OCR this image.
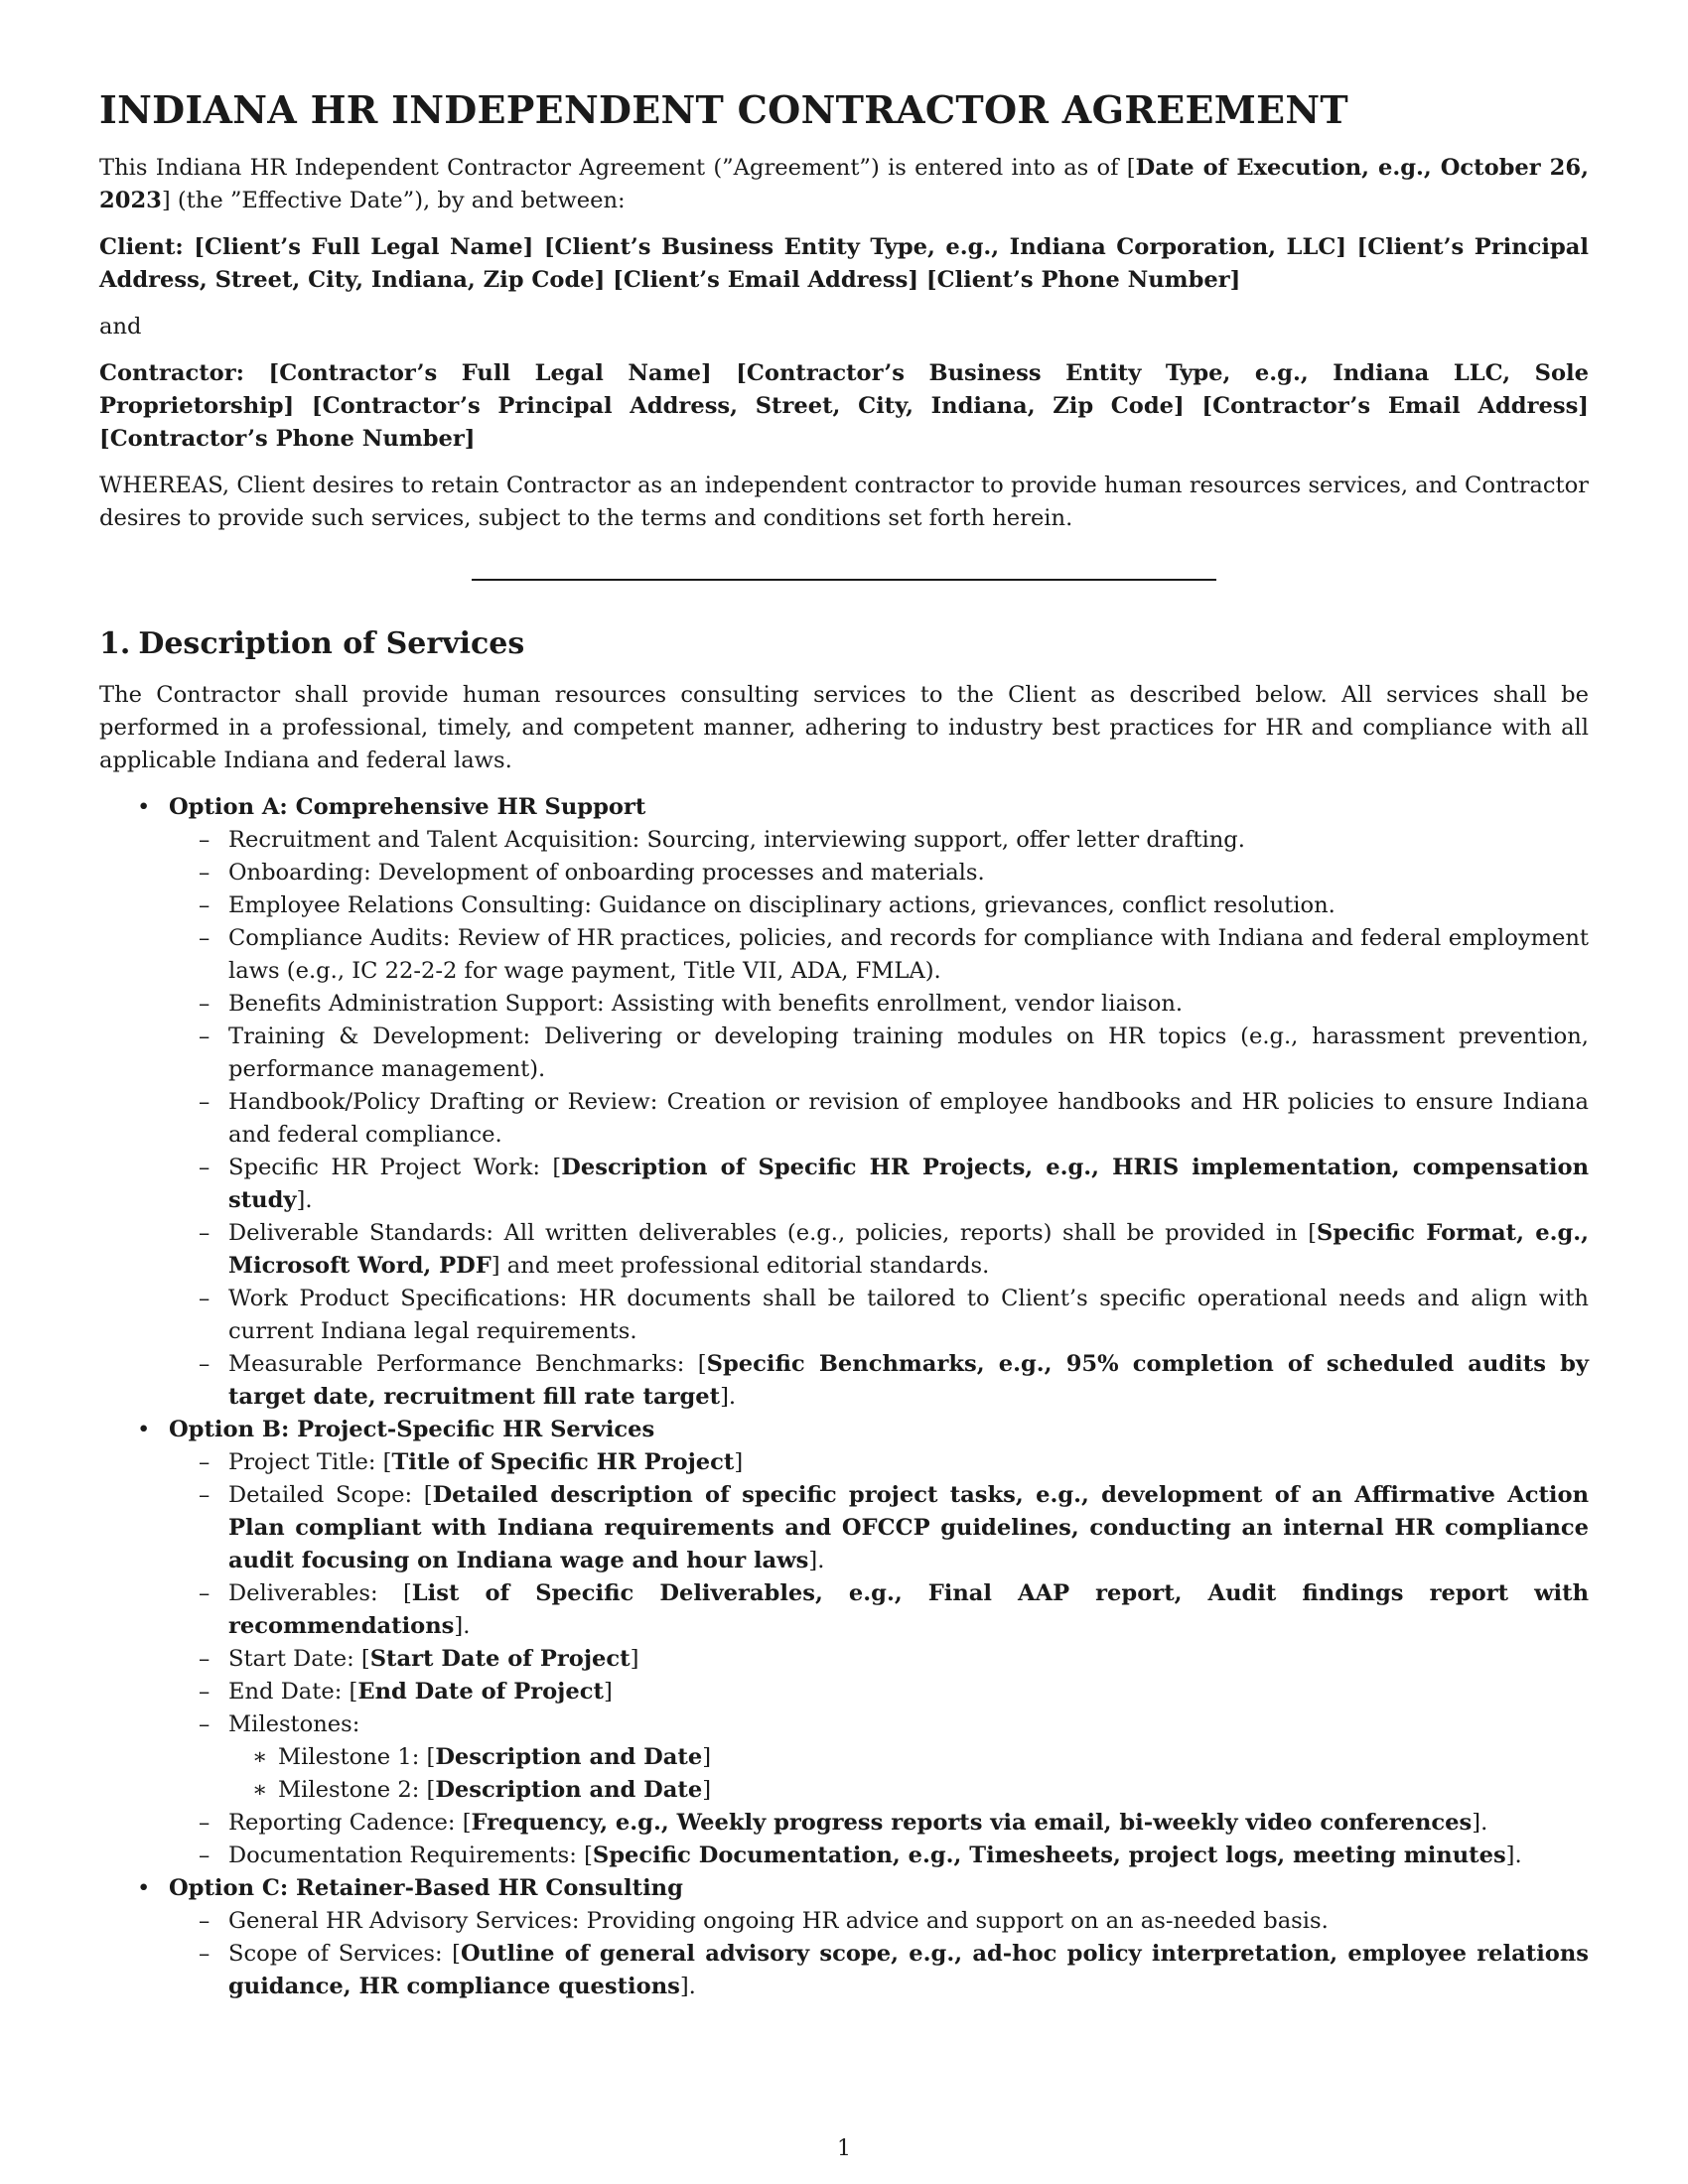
INDIANA HR INDEPENDENT CONTRACTOR AGREEMENT

This Indiana HR Independent Contractor Agreement (”Agreement”) is entered into as of [Date of Execution, e.g., October 26, 2023] (the ”Effective Date”), by and between:

Client: [Client’s Full Legal Name] [Client’s Business Entity Type, e.g., Indiana Corporation, LLC] [Client’s Principal Address, Street, City, Indiana, Zip Code] [Client’s Email Address] [Client’s Phone Number]

and

Contractor: [Contractor’s Full Legal Name] [Contractor’s Business Entity Type, e.g., Indiana LLC, Sole Proprietorship] [Contractor’s Principal Address, Street, City, Indiana, Zip Code] [Contractor’s Email Address] [Contractor’s Phone Number]

WHEREAS, Client desires to retain Contractor as an independent contractor to provide human resources services, and Contractor desires to provide such services, subject to the terms and conditions set forth herein.

1. Description of Services

The Contractor shall provide human resources consulting services to the Client as described below. All services shall be performed in a professional, timely, and competent manner, adhering to industry best practices for HR and compliance with all applicable Indiana and federal laws.

• Option A: Comprehensive HR Support
– Recruitment and Talent Acquisition: Sourcing, interviewing support, offer letter drafting.
– Onboarding: Development of onboarding processes and materials.
– Employee Relations Consulting: Guidance on disciplinary actions, grievances, conflict resolution.
– Compliance Audits: Review of HR practices, policies, and records for compliance with Indiana and federal employment laws (e.g., IC 22-2-2 for wage payment, Title VII, ADA, FMLA).
– Benefits Administration Support: Assisting with benefits enrollment, vendor liaison.
– Training & Development: Delivering or developing training modules on HR topics (e.g., harassment prevention, performance management).
– Handbook/Policy Drafting or Review: Creation or revision of employee handbooks and HR policies to ensure Indiana and federal compliance.
– Specific HR Project Work: [Description of Specific HR Projects, e.g., HRIS implementation, compensation study].
– Deliverable Standards: All written deliverables (e.g., policies, reports) shall be provided in [Specific Format, e.g., Microsoft Word, PDF] and meet professional editorial standards.
– Work Product Specifications: HR documents shall be tailored to Client’s specific operational needs and align with current Indiana legal requirements.
– Measurable Performance Benchmarks: [Specific Benchmarks, e.g., 95% completion of scheduled audits by target date, recruitment fill rate target].
• Option B: Project-Specific HR Services
– Project Title: [Title of Specific HR Project]
– Detailed Scope: [Detailed description of specific project tasks, e.g., development of an Affirmative Action Plan compliant with Indiana requirements and OFCCP guidelines, conducting an internal HR compliance audit focusing on Indiana wage and hour laws].
– Deliverables: [List of Specific Deliverables, e.g., Final AAP report, Audit findings report with recommendations].
– Start Date: [Start Date of Project]
– End Date: [End Date of Project]
– Milestones:
∗ Milestone 1: [Description and Date]
∗ Milestone 2: [Description and Date]
– Reporting Cadence: [Frequency, e.g., Weekly progress reports via email, bi-weekly video conferences].
– Documentation Requirements: [Specific Documentation, e.g., Timesheets, project logs, meeting minutes].
• Option C: Retainer-Based HR Consulting
– General HR Advisory Services: Providing ongoing HR advice and support on an as-needed basis.
– Scope of Services: [Outline of general advisory scope, e.g., ad-hoc policy interpretation, employee relations guidance, HR compliance questions].
1
